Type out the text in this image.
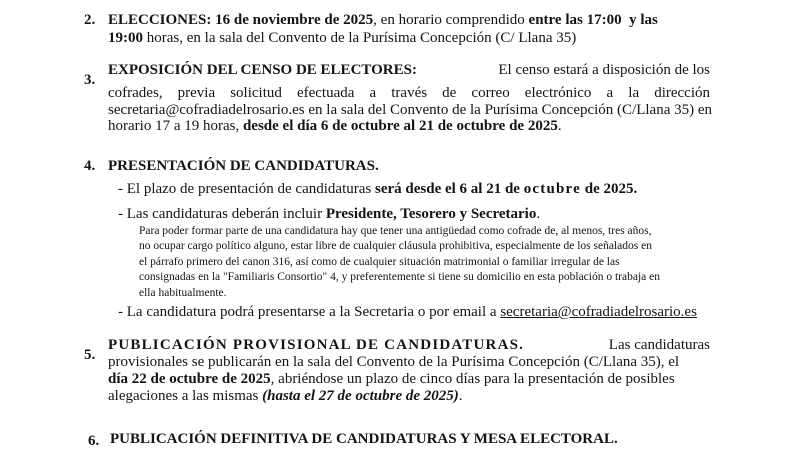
2. ELECCIONES: 16 de noviembre de 2025, en horario comprendido entre las 17:00 y las
19:00 horas, en la sala del Convento de la Purísima Concepción (C/ Llana 35)
3.
EXPOSICIÓN DEL CENSO DE ELECTORES:	El censo estará a disposición de los
cofrades, previa solicitud efectuada a través de correo electrónico a la dirección
secretaria@cofradiadelrosario.es en la sala del Convento de la Purísima Concepción (C/Llana 35) en
horario 17 a 19 horas, desde el día 6 de octubre al 21 de octubre de 2025.
4. PRESENTACIÓN DE CANDIDATURAS.
- El plazo de presentación de candidaturas será desde el 6 al 21 de octubre de 2025.
- Las candidaturas deberán incluir Presidente, Tesorero y Secretario.
Para poder formar parte de una candidatura hay que tener una antigüedad como cofrade de, al menos, tres años,
no ocupar cargo político alguno, estar libre de cualquier cláusula prohibitiva, especialmente de los señalados en
el párrafo primero del canon 316, así como de cualquier situación matrimonial o familiar irregular de las
consignadas en la "Familiaris Consortio" 4, y preferentemente si tiene su domicilio en esta población o trabaja en
ella habitualmente.
- La candidatura podrá presentarse a la Secretaria o por email a secretaria@cofradiadelrosario.es
5.
PUBLICACIÓN PROVISIONAL DE CANDIDATURAS.	Las candidaturas
provisionales se publicarán en la sala del Convento de la Purísima Concepción (C/Llana 35), el
día 22 de octubre de 2025, abriéndose un plazo de cinco días para la presentación de posibles
alegaciones a las mismas (hasta el 27 de octubre de 2025).
6. PUBLICACIÓN DEFINITIVA DE CANDIDATURAS Y MESA ELECTORAL.
